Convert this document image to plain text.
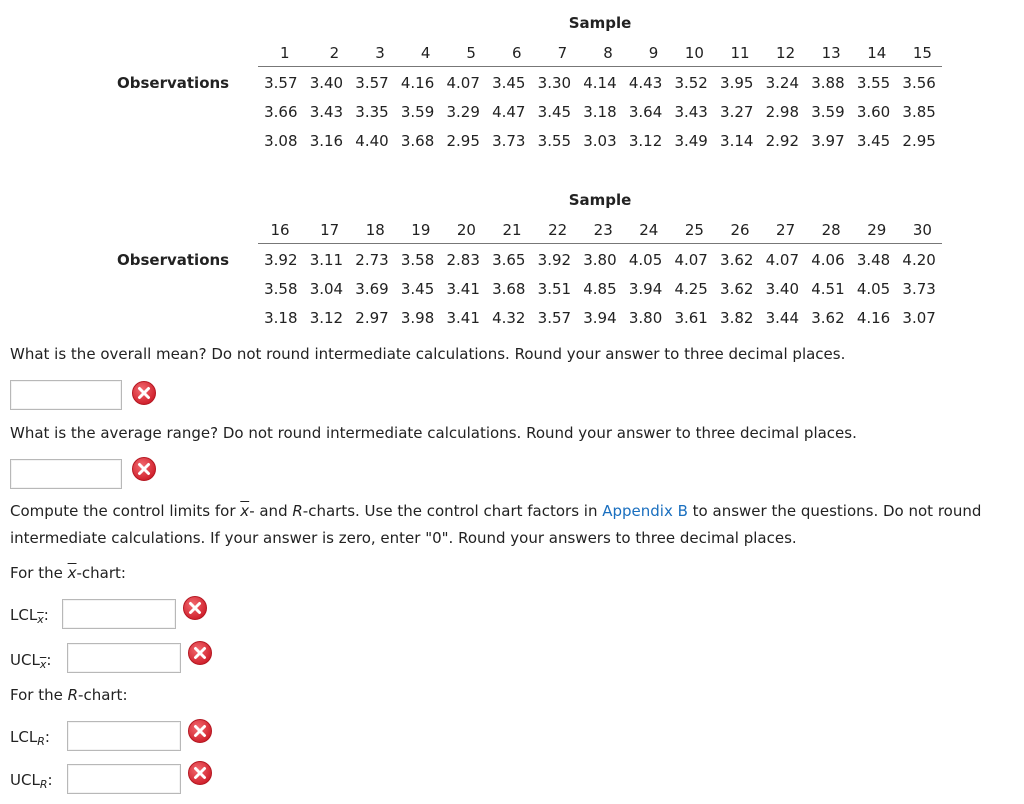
Sample
1	2	3	4	5	6	7	8	9	10	11	12	13	14	15
Observations	3.57 3.40 3.57 4.16 4.07 3.45 3.30 4.14 4.43 3.52 3.95 3.24 3.88 3.55 3.56
3.66 3.43 3.35 3.59 3.29 4.47 3.45 3.18 3.64 3.43 3.27 2.98 3.59 3.60 3.85
3.08 3.16 4.40 3.68 2.95 3.73 3.55 3.03 3.12 3.49 3.14 2.92 3.97 3.45 2.95
Sample
16	17	18	19	20	21	22	23	24	25	26	27	28	29	30
Observations	3.92 3.11 2.73 3.58 2.83 3.65 3.92 3.80 4.05 4.07 3.62 4.07 4.06 3.48 4.20
3.58 3.04 3.69 3.45 3.41 3.68 3.51 4.85 3.94 4.25 3.62 3.40 4.51 4.05 3.73
3.18 3.12 2.97 3.98 3.41 4.32 3.57 3.94 3.80 3.61 3.82 3.44 3.62 4.16 3.07
What is the overall mean? Do not round intermediate calculations. Round your answer to three decimal places.
What is the average range? Do not round intermediate calculations. Round your answer to three decimal places.
Compute the control limits for $\overline{x}-$ and R-charts. Use the control chart factors in Appendix B to answer the questions. Do not round
intermediate calculations. If your answer is zero, enter "0". Round your answers to three decimal places.
For the $\overline{x}$-chart:
$LCL_{\overline{x}}$:
$UCL_{\overline{x}}$:
For the R-chart:
$LCL_R$:
$UCL_R$:
